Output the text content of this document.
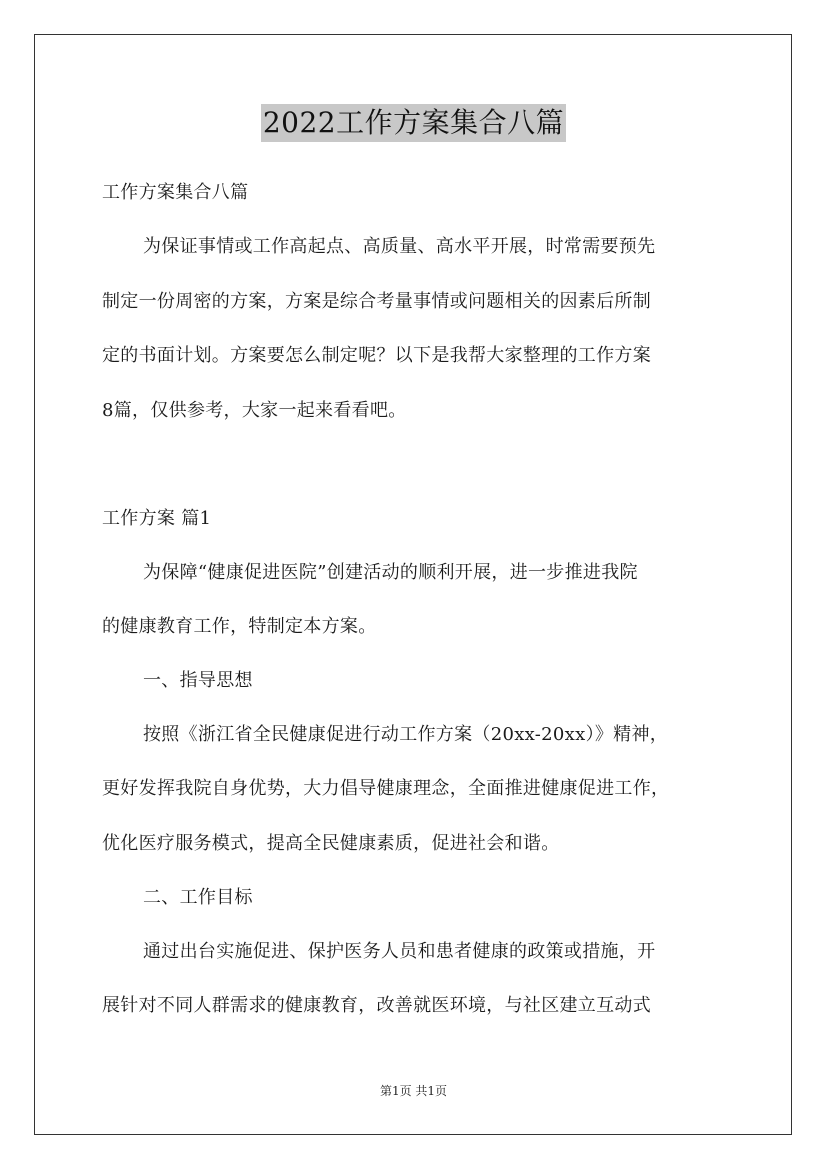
2022工作方案集合八篇
工作方案集合八篇
为保证事情或工作高起点、高质量、高水平开展，时常需要预先
制定一份周密的方案，方案是综合考量事情或问题相关的因素后所制
定的书面计划。方案要怎么制定呢？以下是我帮大家整理的工作方案
8篇，仅供参考，大家一起来看看吧。
工作方案 篇1
为保障“健康促进医院”创建活动的顺利开展，进一步推进我院
的健康教育工作，特制定本方案。
一、指导思想
按照《浙江省全民健康促进行动工作方案（20xx-20xx）》精神，
更好发挥我院自身优势，大力倡导健康理念，全面推进健康促进工作，
优化医疗服务模式，提高全民健康素质，促进社会和谐。
二、工作目标
通过出台实施促进、保护医务人员和患者健康的政策或措施，开
展针对不同人群需求的健康教育，改善就医环境，与社区建立互动式
第1页 共1页
